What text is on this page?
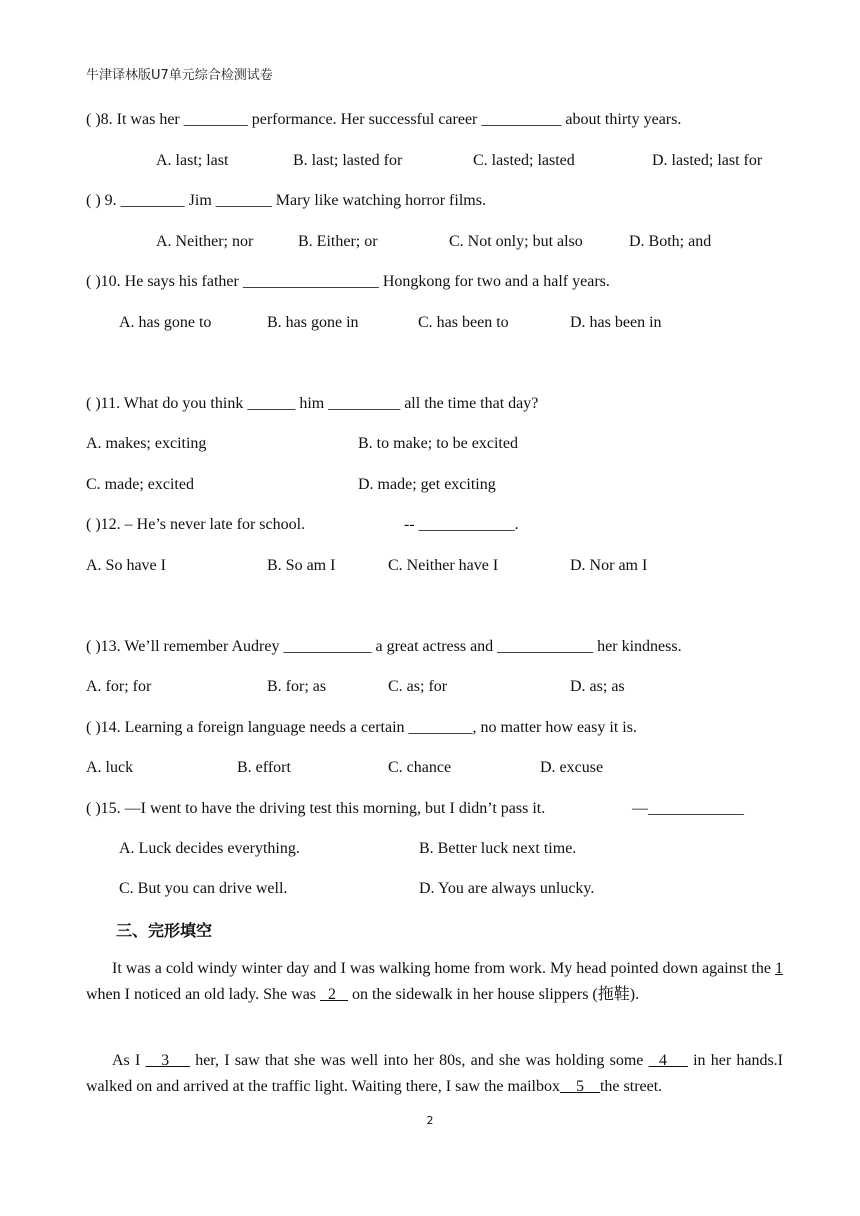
牛津译林版U7单元综合检测试卷
( )8. It was her ________ performance. Her successful career __________ about thirty years.
A. last; last	B. last; lasted for	C. lasted; lasted	D. lasted; last for
( ) 9. ________ Jim _______ Mary like watching horror films.
A. Neither; nor	B. Either; or	C. Not only; but also	D. Both; and
( )10. He says his father _________________ Hongkong for two and a half years.
A. has gone to	B. has gone in	C. has been to	D. has been in
( )11. What do you think ______ him _________ all the time that day?
A. makes; exciting	B. to make; to be excited
C. made; excited	D. made; get exciting
( )12. – He’s never late for school.	-- ____________.
A. So have I	B. So am I	C. Neither have I	D. Nor am I
( )13. We’ll remember Audrey ___________ a great actress and ____________ her kindness.
A. for; for	B. for; as	C. as; for	D. as; as
( )14. Learning a foreign language needs a certain ________, no matter how easy it is.
A. luck	B. effort	C. chance	D. excuse
( )15. —I went to have the driving test this morning, but I didn’t pass it.	—____________
A. Luck decides everything.	B. Better luck next time.
C. But you can drive well.	D. You are always unlucky.
三、完形填空
It was a cold windy winter day and I was walking home from work. My head pointed down against the 1 when I noticed an old lady. She was   2    on the sidewalk in her house slippers (拖鞋).
As I    3     her, I saw that she was well into her 80s, and she was holding some   4     in her hands.I walked on and arrived at the traffic light. Waiting there, I saw the mailbox    5    the street.
2
